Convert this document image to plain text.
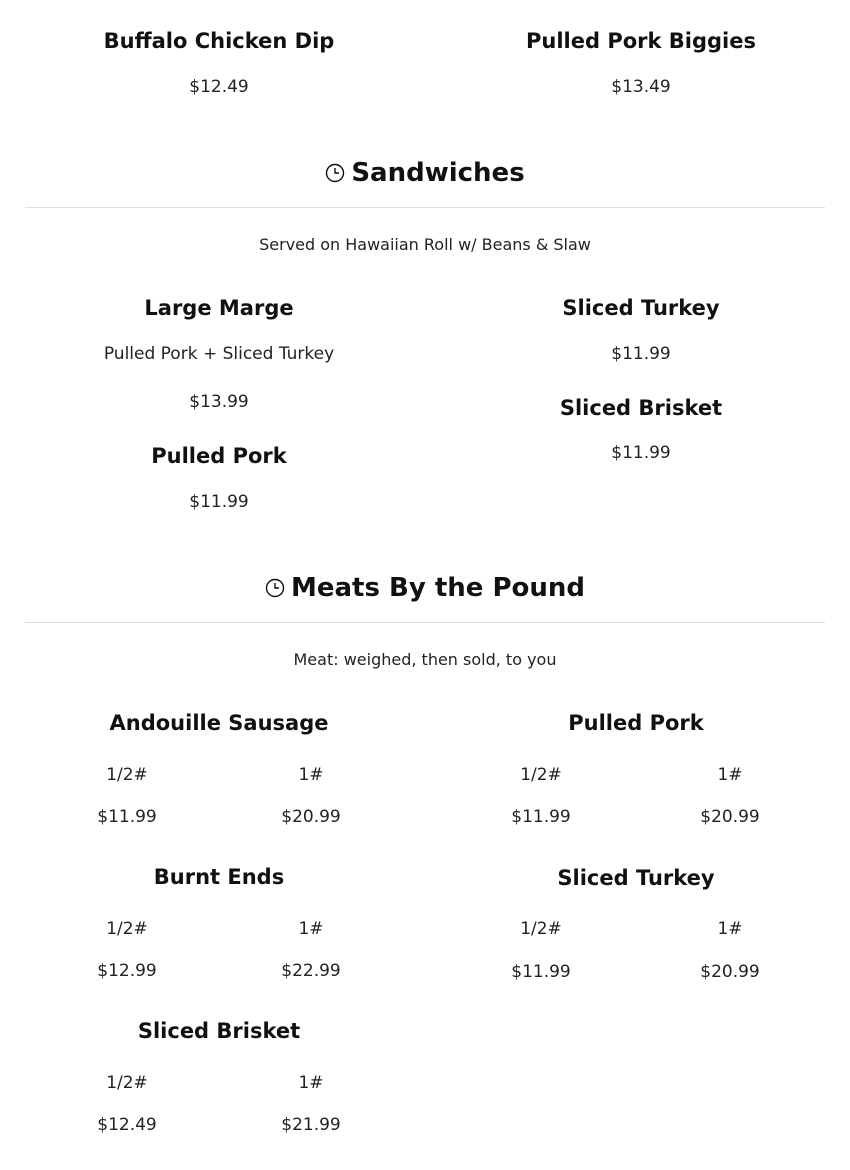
Buffalo Chicken Dip
$12.49
Pulled Pork Biggies
$13.49
Sandwiches
Served on Hawaiian Roll w/ Beans & Slaw
Large Marge
Pulled Pork + Sliced Turkey
$13.99
Sliced Turkey
$11.99
Sliced Brisket
$11.99
Pulled Pork
$11.99
Meats By the Pound
Meat: weighed, then sold, to you
Andouille Sausage
1/2#	1#
$11.99	$20.99
Pulled Pork
1/2#	1#
$11.99	$20.99
Burnt Ends
1/2#	1#
$12.99	$22.99
Sliced Turkey
1/2#	1#
$11.99	$20.99
Sliced Brisket
1/2#	1#
$12.49	$21.99
